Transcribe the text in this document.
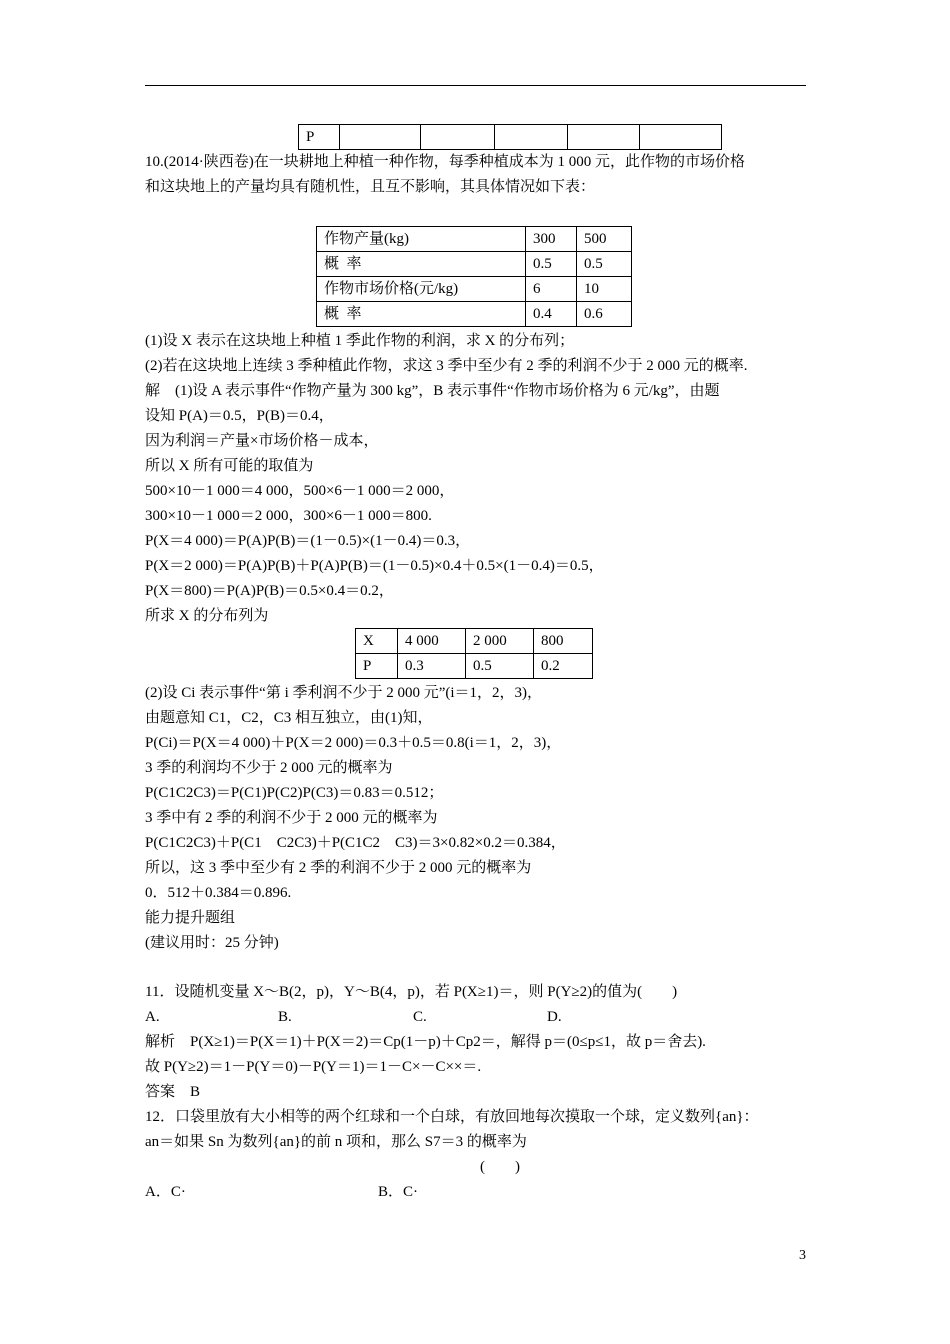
P					
10.(2014·陕西卷)在一块耕地上种植一种作物，每季种植成本为 1 000 元，此作物的市场价格
和这块地上的产量均具有随机性，且互不影响，其具体情况如下表：
作物产量(kg)	300	500
概  率	0.5	0.5
作物市场价格(元/kg)	6	10
概  率	0.4	0.6
(1)设 X 表示在这块地上种植 1 季此作物的利润，求 X 的分布列；
(2)若在这块地上连续 3 季种植此作物，求这 3 季中至少有 2 季的利润不少于 2 000 元的概率.
解    (1)设 A 表示事件“作物产量为 300 kg”，B 表示事件“作物市场价格为 6 元/kg”，由题
设知 P(A)＝0.5，P(B)＝0.4，
因为利润＝产量×市场价格－成本，
所以 X 所有可能的取值为
500×10－1 000＝4 000，500×6－1 000＝2 000，
300×10－1 000＝2 000，300×6－1 000＝800.
P(X＝4 000)＝P(A)P(B)＝(1－0.5)×(1－0.4)＝0.3，
P(X＝2 000)＝P(A)P(B)＋P(A)P(B)＝(1－0.5)×0.4＋0.5×(1－0.4)＝0.5，
P(X＝800)＝P(A)P(B)＝0.5×0.4＝0.2，
所求 X 的分布列为
X	4 000	2 000	800
P	0.3	0.5	0.2
(2)设 Ci 表示事件“第 i 季利润不少于 2 000 元”(i＝1，2，3)，
由题意知 C1，C2，C3 相互独立，由(1)知，
P(Ci)＝P(X＝4 000)＋P(X＝2 000)＝0.3＋0.5＝0.8(i＝1，2，3)，
3 季的利润均不少于 2 000 元的概率为
P(C1C2C3)＝P(C1)P(C2)P(C3)＝0.83＝0.512；
3 季中有 2 季的利润不少于 2 000 元的概率为
P(C1C2C3)＋P(C1    C2C3)＋P(C1C2    C3)＝3×0.82×0.2＝0.384，
所以，这 3 季中至少有 2 季的利润不少于 2 000 元的概率为
0．512＋0.384＝0.896.
能力提升题组
(建议用时：25 分钟)
11．设随机变量 X～B(2，p)，Y～B(4，p)，若 P(X≥1)＝，则 P(Y≥2)的值为(        )
A.	B.	C.	D.
解析    P(X≥1)＝P(X＝1)＋P(X＝2)＝Cp(1－p)＋Cp2＝，解得 p＝(0≤p≤1，故 p＝舍去).
故 P(Y≥2)＝1－P(Y＝0)－P(Y＝1)＝1－C×－C××＝.
答案    B
12．口袋里放有大小相等的两个红球和一个白球，有放回地每次摸取一个球，定义数列{an}：
an＝如果 Sn 为数列{an}的前 n 项和，那么 S7＝3 的概率为
(        )
A．C·	B．C·
3
